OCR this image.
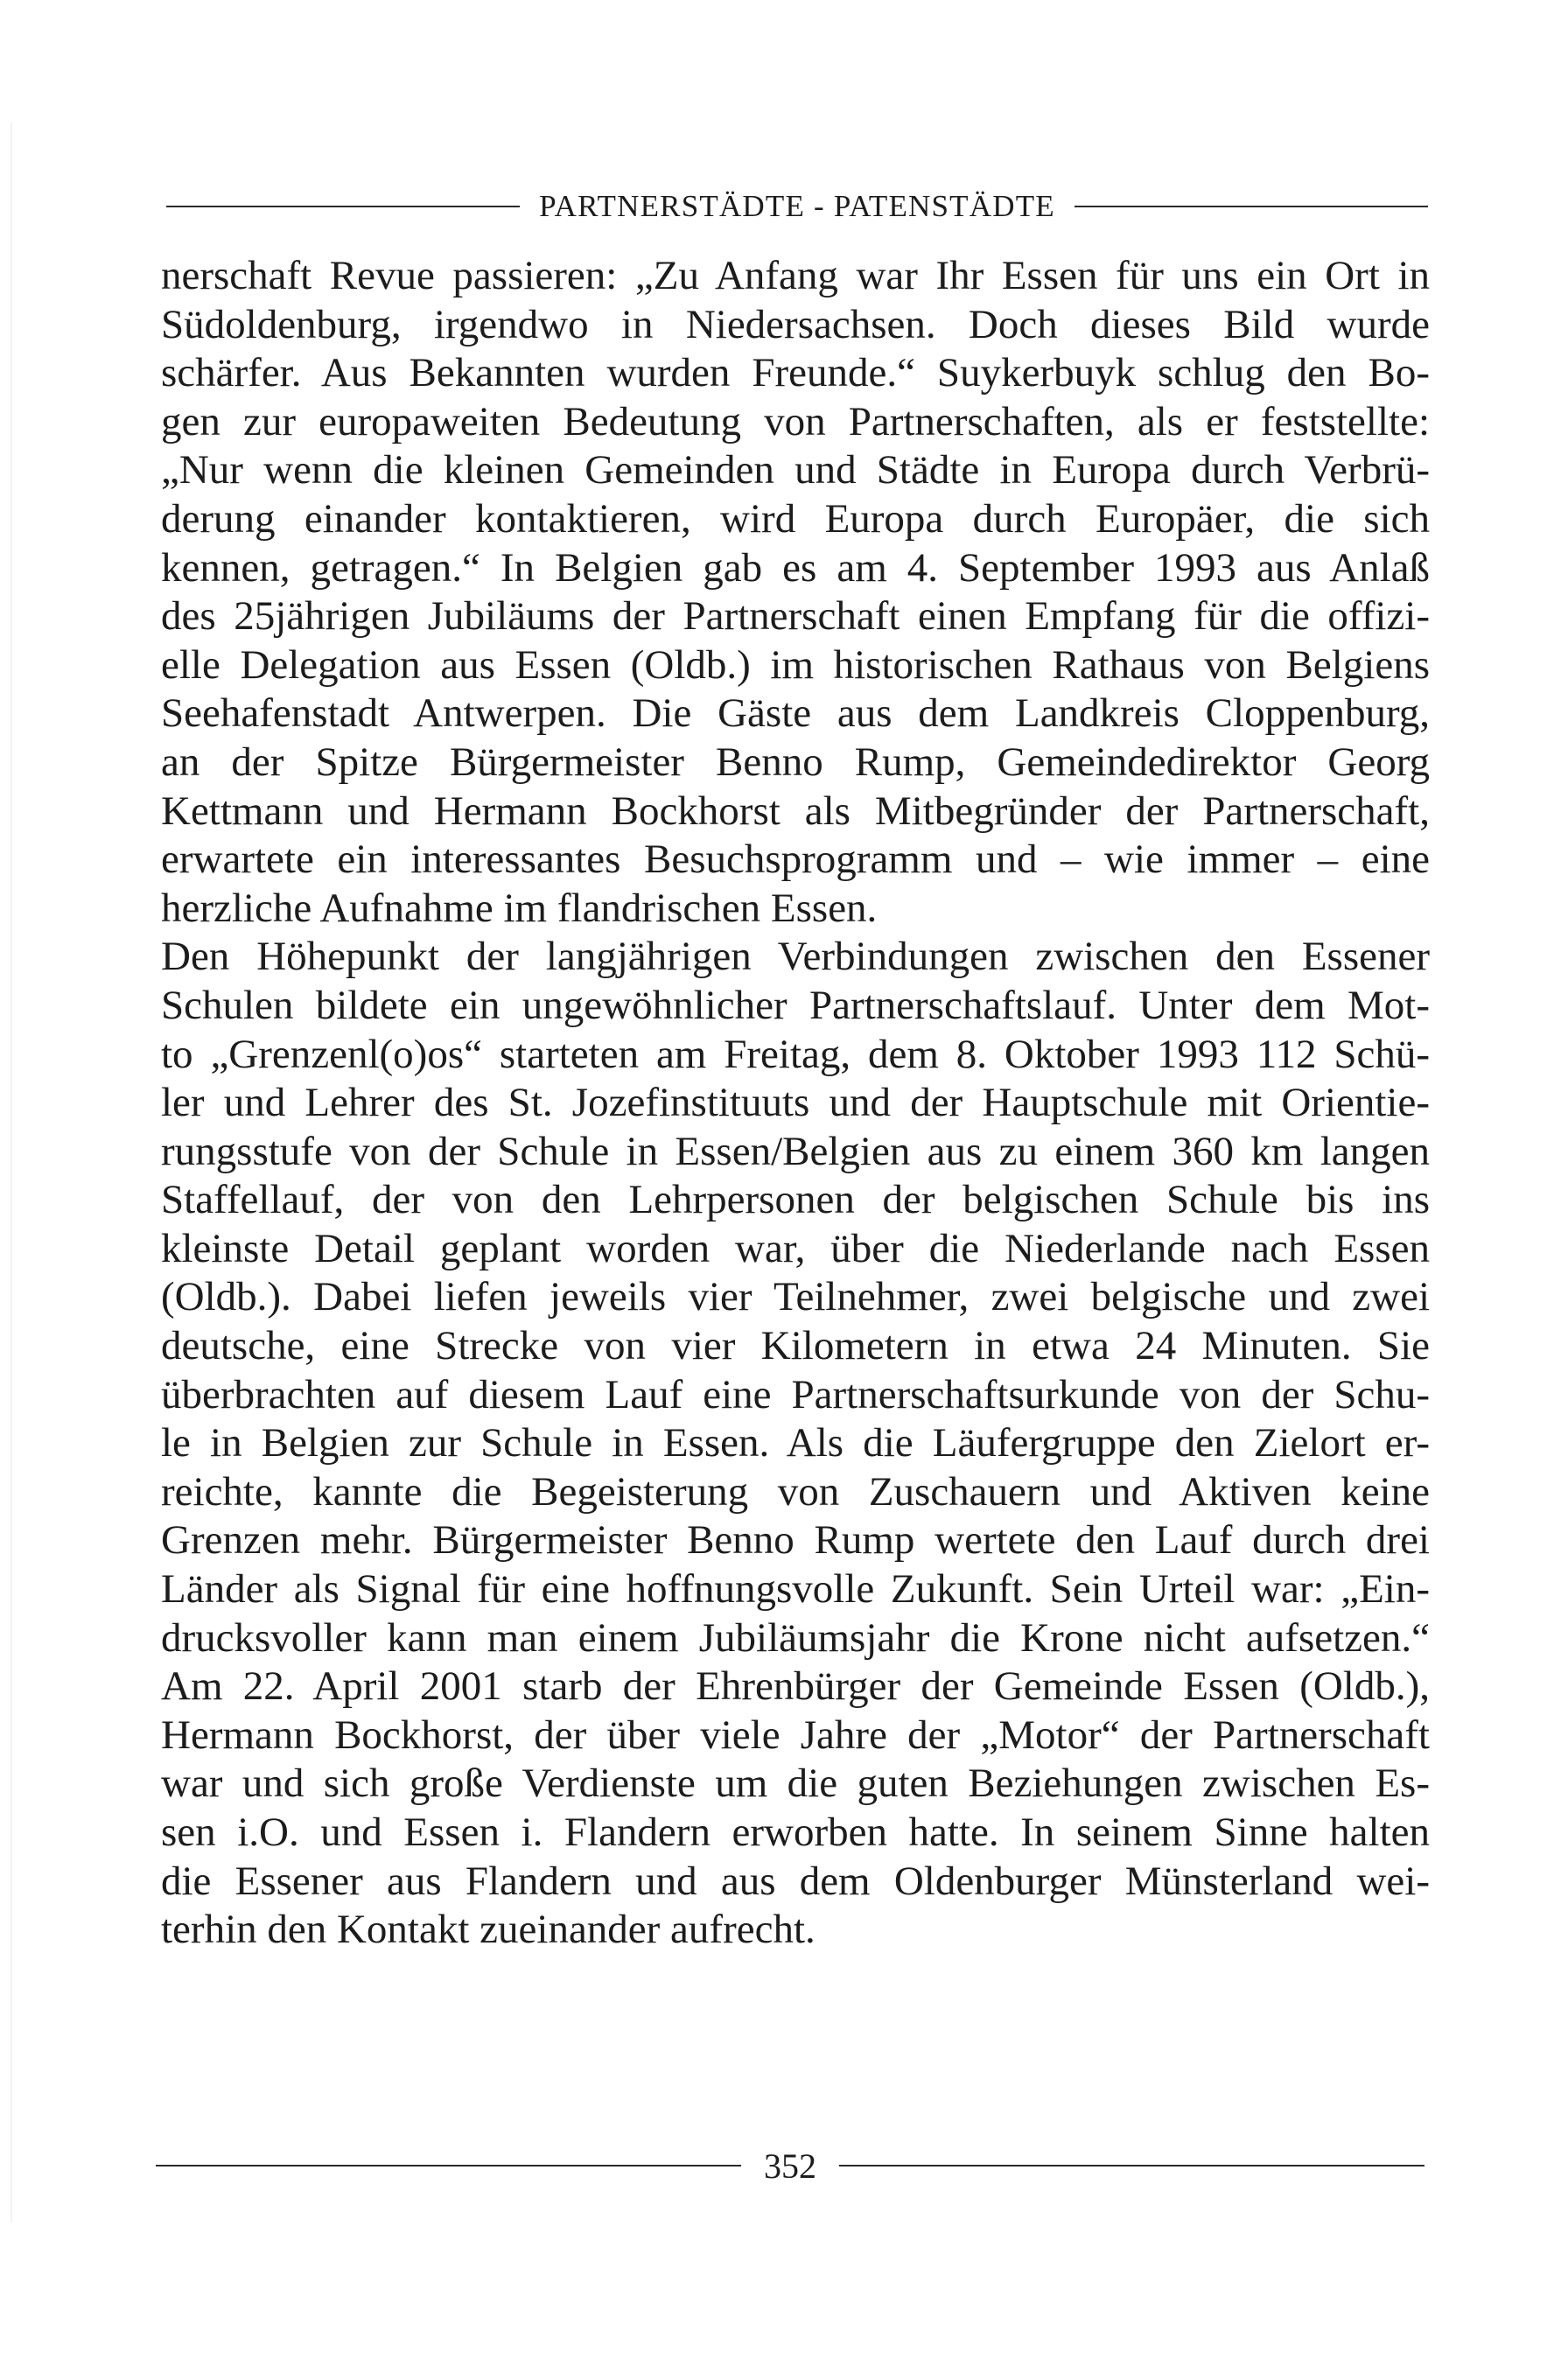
PARTNERSTÄDTE - PATENSTÄDTE
nerschaft Revue passieren: „Zu Anfang war Ihr Essen für uns ein Ort in
Südoldenburg, irgendwo in Niedersachsen. Doch dieses Bild wurde
schärfer. Aus Bekannten wurden Freunde.“ Suykerbuyk schlug den Bo-
gen zur europaweiten Bedeutung von Partnerschaften, als er feststellte:
„Nur wenn die kleinen Gemeinden und Städte in Europa durch Verbrü-
derung einander kontaktieren, wird Europa durch Europäer, die sich
kennen, getragen.“ In Belgien gab es am 4. September 1993 aus Anlaß
des 25jährigen Jubiläums der Partnerschaft einen Empfang für die offizi-
elle Delegation aus Essen (Oldb.) im historischen Rathaus von Belgiens
Seehafenstadt Antwerpen. Die Gäste aus dem Landkreis Cloppenburg,
an der Spitze Bürgermeister Benno Rump, Gemeindedirektor Georg
Kettmann und Hermann Bockhorst als Mitbegründer der Partnerschaft,
erwartete ein interessantes Besuchsprogramm und – wie immer – eine
herzliche Aufnahme im flandrischen Essen.
Den Höhepunkt der langjährigen Verbindungen zwischen den Essener
Schulen bildete ein ungewöhnlicher Partnerschaftslauf. Unter dem Mot-
to „Grenzenl(o)os“ starteten am Freitag, dem 8. Oktober 1993 112 Schü-
ler und Lehrer des St. Jozefinstituuts und der Hauptschule mit Orientie-
rungsstufe von der Schule in Essen/Belgien aus zu einem 360 km langen
Staffellauf, der von den Lehrpersonen der belgischen Schule bis ins
kleinste Detail geplant worden war, über die Niederlande nach Essen
(Oldb.). Dabei liefen jeweils vier Teilnehmer, zwei belgische und zwei
deutsche, eine Strecke von vier Kilometern in etwa 24 Minuten. Sie
überbrachten auf diesem Lauf eine Partnerschaftsurkunde von der Schu-
le in Belgien zur Schule in Essen. Als die Läufergruppe den Zielort er-
reichte, kannte die Begeisterung von Zuschauern und Aktiven keine
Grenzen mehr. Bürgermeister Benno Rump wertete den Lauf durch drei
Länder als Signal für eine hoffnungsvolle Zukunft. Sein Urteil war: „Ein-
drucksvoller kann man einem Jubiläumsjahr die Krone nicht aufsetzen.“
Am 22. April 2001 starb der Ehrenbürger der Gemeinde Essen (Oldb.),
Hermann Bockhorst, der über viele Jahre der „Motor“ der Partnerschaft
war und sich große Verdienste um die guten Beziehungen zwischen Es-
sen i.O. und Essen i. Flandern erworben hatte. In seinem Sinne halten
die Essener aus Flandern und aus dem Oldenburger Münsterland wei-
terhin den Kontakt zueinander aufrecht.
352
